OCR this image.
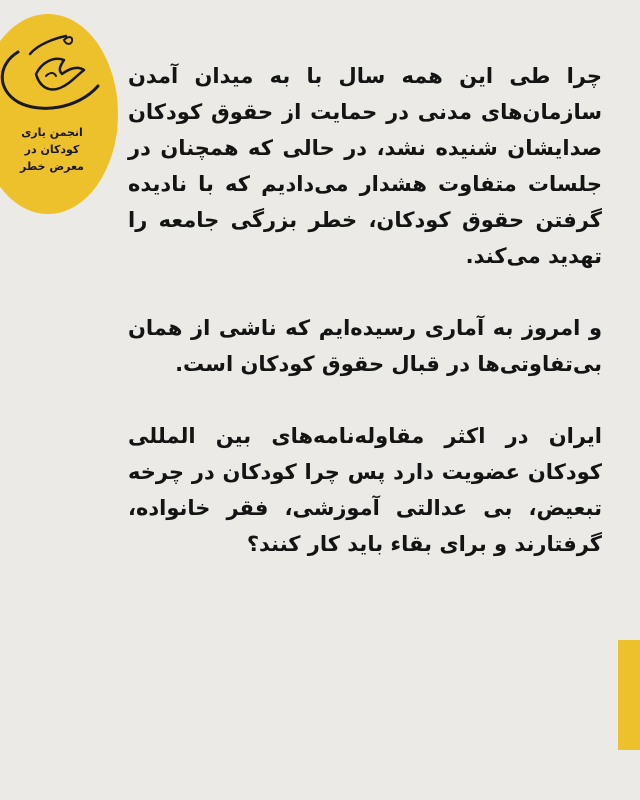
انجمن یاری
کودکان در
معرض خطر

چرا طی این همه سال با به میدان آمدن سازمان‌های مدنی در حمایت از حقوق کودکان صدایشان شنیده نشد، در حالی که همچنان در جلسات متفاوت هشدار می‌دادیم که با نادیده گرفتن حقوق کودکان، خطر بزرگی جامعه را تهدید می‌کند.

و امروز به آماری رسیده‌ایم که ناشی از همان بی‌تفاوتی‌ها در قبال حقوق کودکان است.

ایران در اکثر مقاوله‌نامه‌های بین المللی کودکان عضویت دارد پس چرا کودکان در چرخه تبعیض، بی عدالتی آموزشی، فقر خانواده، گرفتارند و برای بقاء باید کار کنند؟
